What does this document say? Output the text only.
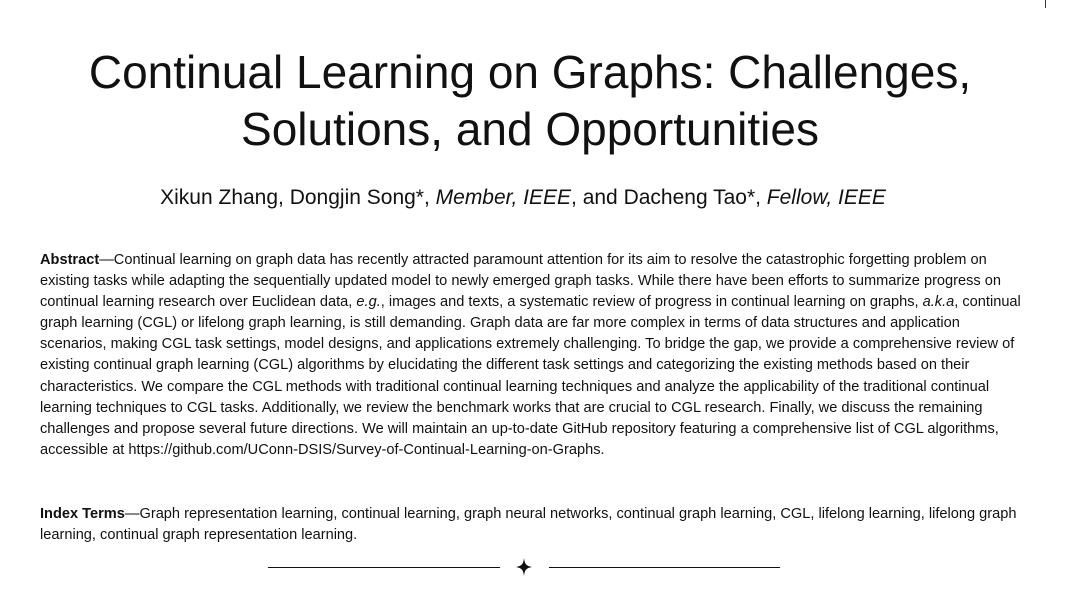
Continual Learning on Graphs: Challenges,
Solutions, and Opportunities
Xikun Zhang, Dongjin Song*, Member, IEEE, and Dacheng Tao*, Fellow, IEEE

Abstract—Continual learning on graph data has recently attracted paramount attention for its aim to resolve the catastrophic forgetting problem on existing tasks while adapting the sequentially updated model to newly emerged graph tasks. While there have been efforts to summarize progress on continual learning research over Euclidean data, e.g., images and texts, a systematic review of progress in continual learning on graphs, a.k.a, continual graph learning (CGL) or lifelong graph learning, is still demanding. Graph data are far more complex in terms of data structures and application scenarios, making CGL task settings, model designs, and applications extremely challenging. To bridge the gap, we provide a comprehensive review of existing continual graph learning (CGL) algorithms by elucidating the different task settings and categorizing the existing methods based on their characteristics. We compare the CGL methods with traditional continual learning techniques and analyze the applicability of the traditional continual learning techniques to CGL tasks. Additionally, we review the benchmark works that are crucial to CGL research. Finally, we discuss the remaining challenges and propose several future directions. We will maintain an up-to-date GitHub repository featuring a comprehensive list of CGL algorithms, accessible at https://github.com/UConn-DSIS/Survey-of-Continual-Learning-on-Graphs.

Index Terms—Graph representation learning, continual learning, graph neural networks, continual graph learning, CGL, lifelong learning, lifelong graph learning, continual graph representation learning.
